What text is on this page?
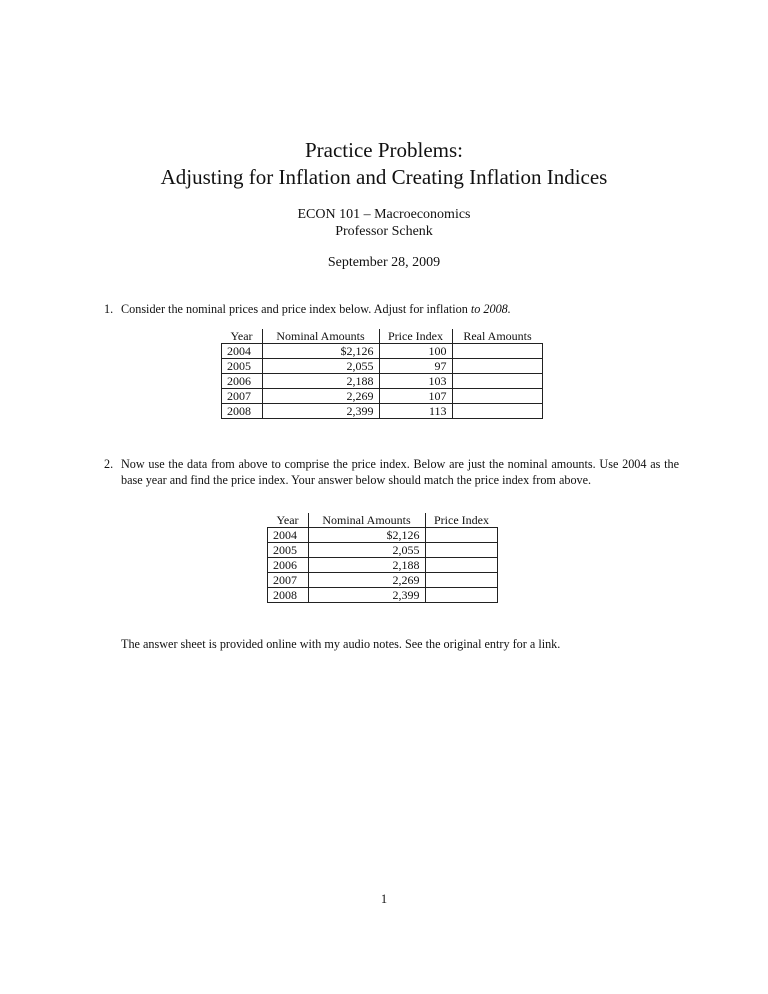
Practice Problems:
Adjusting for Inflation and Creating Inflation Indices
ECON 101 – Macroeconomics
Professor Schenk
September 28, 2009
1. Consider the nominal prices and price index below. Adjust for inflation to 2008.
Year	Nominal Amounts	Price Index	Real Amounts
2004	$2,126	100	
2005	2,055	97	
2006	2,188	103	
2007	2,269	107	
2008	2,399	113	
2. Now use the data from above to comprise the price index. Below are just the nominal amounts. Use 2004 as the base year and find the price index. Your answer below should match the price index from above.
Year	Nominal Amounts	Price Index
2004	$2,126	
2005	2,055	
2006	2,188	
2007	2,269	
2008	2,399	
The answer sheet is provided online with my audio notes. See the original entry for a link.
1
